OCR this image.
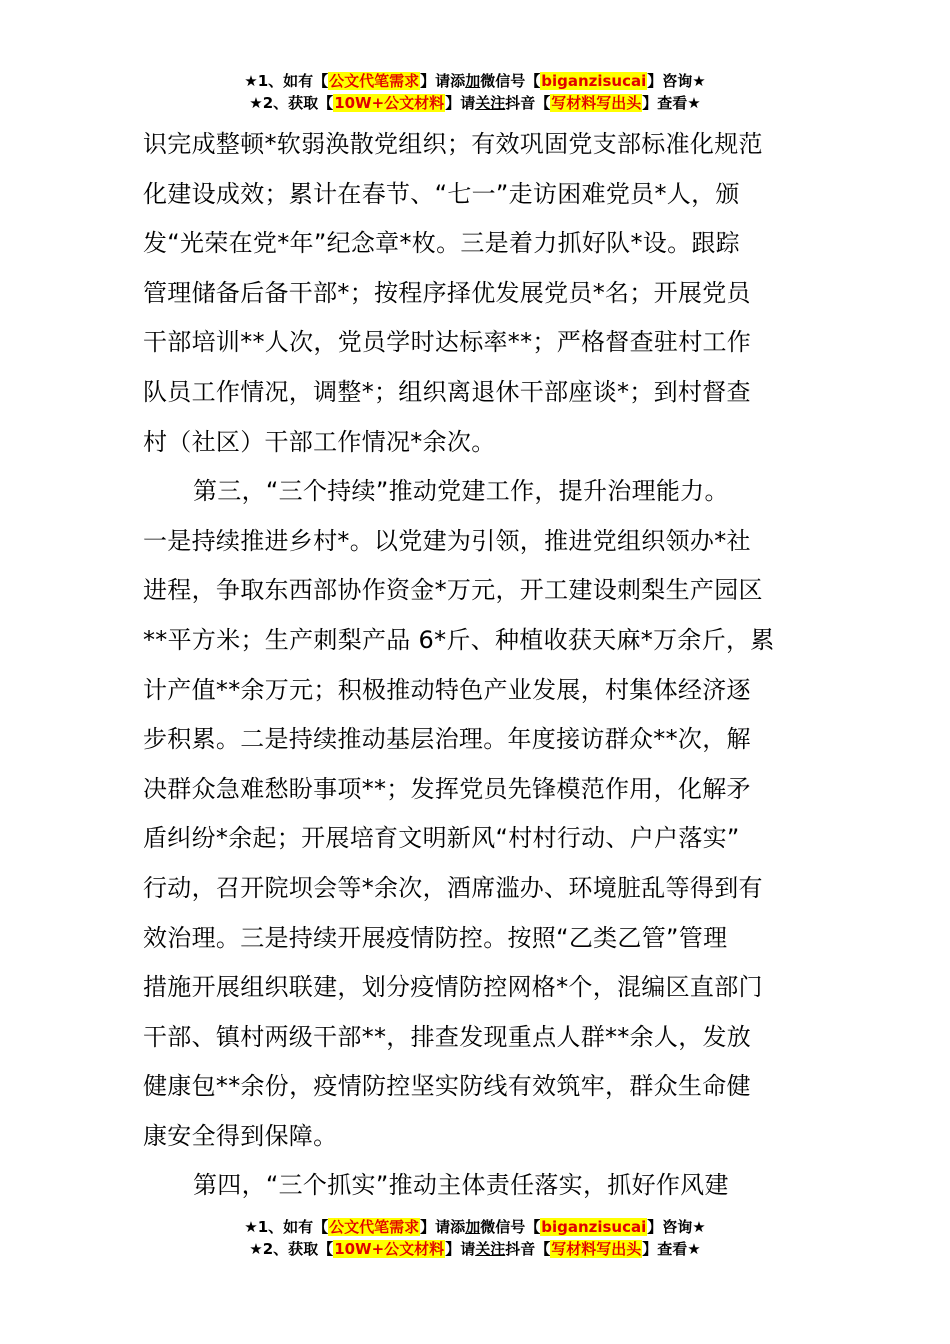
★1、如有【公文代笔需求】请添加微信号【biganzisucai】咨询★
★2、获取【10W+公文材料】请关注抖音【写材料写出头】查看★
识完成整顿*软弱涣散党组织；有效巩固党支部标准化规范
化建设成效；累计在春节、“七一”走访困难党员*人，颁
发“光荣在党*年”纪念章*枚。三是着力抓好队*设。跟踪
管理储备后备干部*；按程序择优发展党员*名；开展党员
干部培训**人次，党员学时达标率**；严格督查驻村工作
队员工作情况，调整*；组织离退休干部座谈*；到村督查
村（社区）干部工作情况*余次。
第三，“三个持续”推动党建工作，提升治理能力。
一是持续推进乡村*。以党建为引领，推进党组织领办*社
进程，争取东西部协作资金*万元，开工建设刺梨生产园区
**平方米；生产刺梨产品 6*斤、种植收获天麻*万余斤，累
计产值**余万元；积极推动特色产业发展，村集体经济逐
步积累。二是持续推动基层治理。年度接访群众**次，解
决群众急难愁盼事项**；发挥党员先锋模范作用，化解矛
盾纠纷*余起；开展培育文明新风“村村行动、户户落实”
行动，召开院坝会等*余次，酒席滥办、环境脏乱等得到有
效治理。三是持续开展疫情防控。按照“乙类乙管”管理
措施开展组织联建，划分疫情防控网格*个，混编区直部门
干部、镇村两级干部**，排查发现重点人群**余人，发放
健康包**余份，疫情防控坚实防线有效筑牢，群众生命健
康安全得到保障。
第四，“三个抓实”推动主体责任落实，抓好作风建
★1、如有【公文代笔需求】请添加微信号【biganzisucai】咨询★
★2、获取【10W+公文材料】请关注抖音【写材料写出头】查看★
